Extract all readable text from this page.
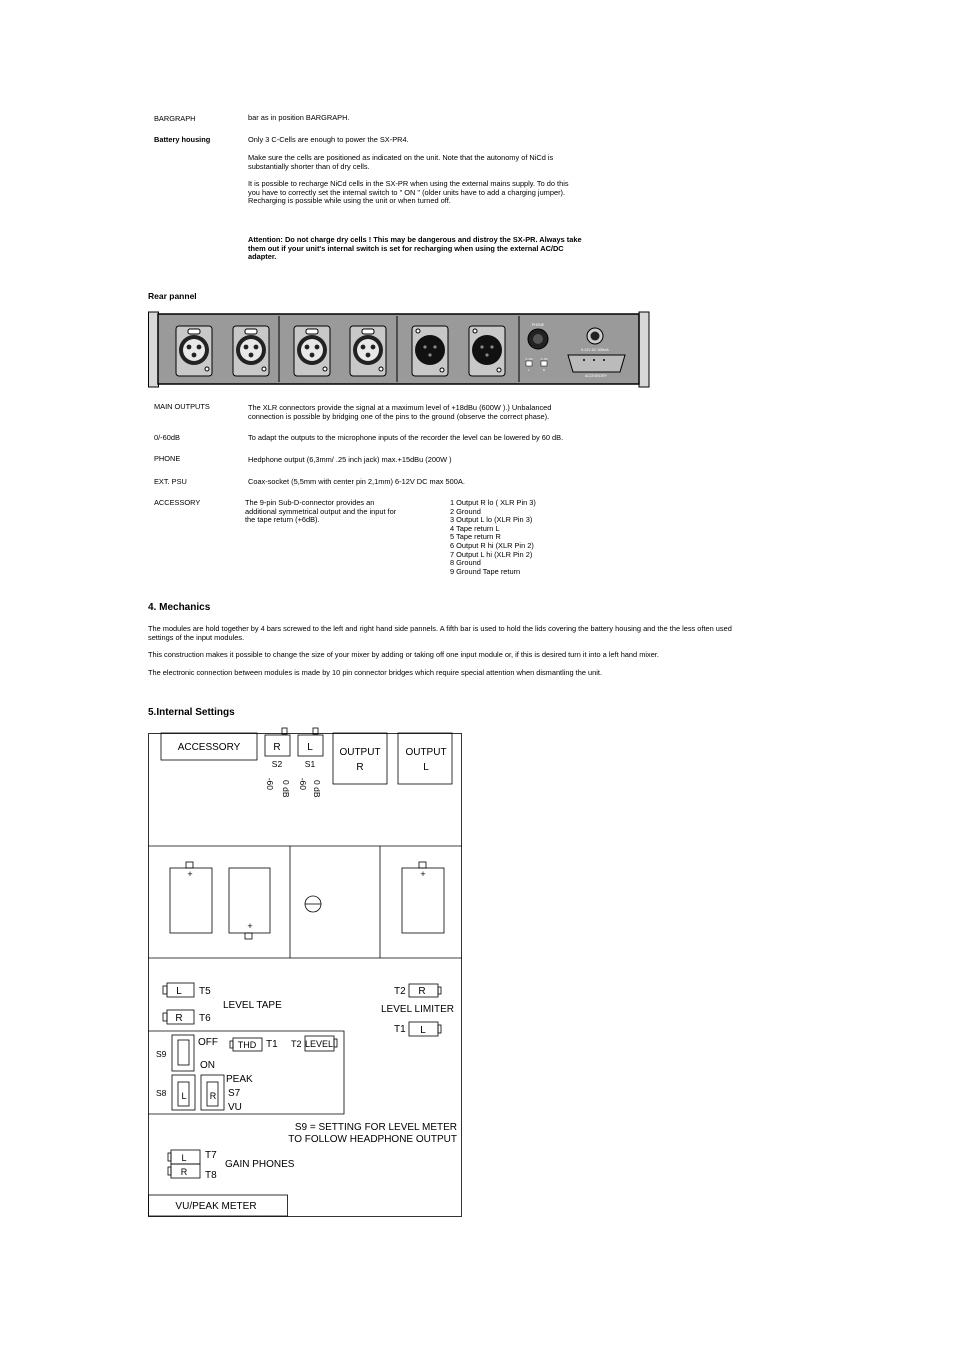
BARGRAPH	bar as in position BARGRAPH.
Battery housing	Only 3 C-Cells are enough to power the SX-PR4.
Make sure the cells are positioned as indicated on the unit. Note that the autonomy of NiCd is
substantially shorter than of dry cells.
It is possible to recharge NiCd cells in the SX-PR when using the external mains supply. To do this
you have to correctly set the internal switch to " ON " (older units have to add a charging jumper).
Recharging is possible while using the unit or when turned off.
Attention: Do not charge dry cells ! This may be dangerous and distroy the SX-PR. Always take
them out if your unit's internal switch is set for recharging when using the external AC/DC
adapter.
Rear pannel
PHONE
0 -60	0 -60
L	R
9-12V DC 500mA
ACCESSORY
MAIN OUTPUTS	The XLR connectors provide the signal at a maximum level of +18dBu (600W ).) Unbalanced
connection is possible by bridging one of the pins to the ground (observe the correct phase).
0/-60dB	To adapt the outputs to the microphone inputs of the recorder the level can be lowered by 60 dB.
PHONE	Hedphone output (6,3mm/ .25 inch jack) max.+15dBu (200W )
EXT. PSU	Coax-socket (5,5mm with center pin 2,1mm) 6-12V DC max 500A.
ACCESSORY	The 9-pin Sub-D-connector provides an
additional symmetrical output and the input for
the tape return (+6dB).
1 Output R lo ( XLR Pin 3)
2 Ground
3 Output L lo (XLR Pin 3)
4 Tape return L
5 Tape return R
6 Output R hi (XLR Pin 2)
7 Output L hi (XLR Pin 2)
8 Ground
9 Ground Tape return
4. Mechanics
The modules are hold together by 4 bars screwed to the left and right hand side pannels. A fifth bar is used to hold the lids covering the battery housing and the the less often used
settings of the input modules.
This construction makes it possible to change the size of your mixer by adding or taking off one input module or, if this is desired turn it into a left hand mixer.
The electronic connection between modules is made by 10 pin connector bridges which require special attention when dismantling the unit.
5.Internal Settings
ACCESSORY	R
S2
L
S1
-60 0 dB -60 0 dB
OUTPUT
R
OUTPUT
L
+
+
+
L T5
LEVEL TAPE
R T6
T2 R
LEVEL LIMITER
T1 L
S9
OFF
ON
THD T1 T2 LEVEL
S8 L	R
PEAK
S7
VU
S9 = SETTING FOR LEVEL METER
TO FOLLOW HEADPHONE OUTPUT
L T7
R T8
GAIN PHONES
VU/PEAK METER
